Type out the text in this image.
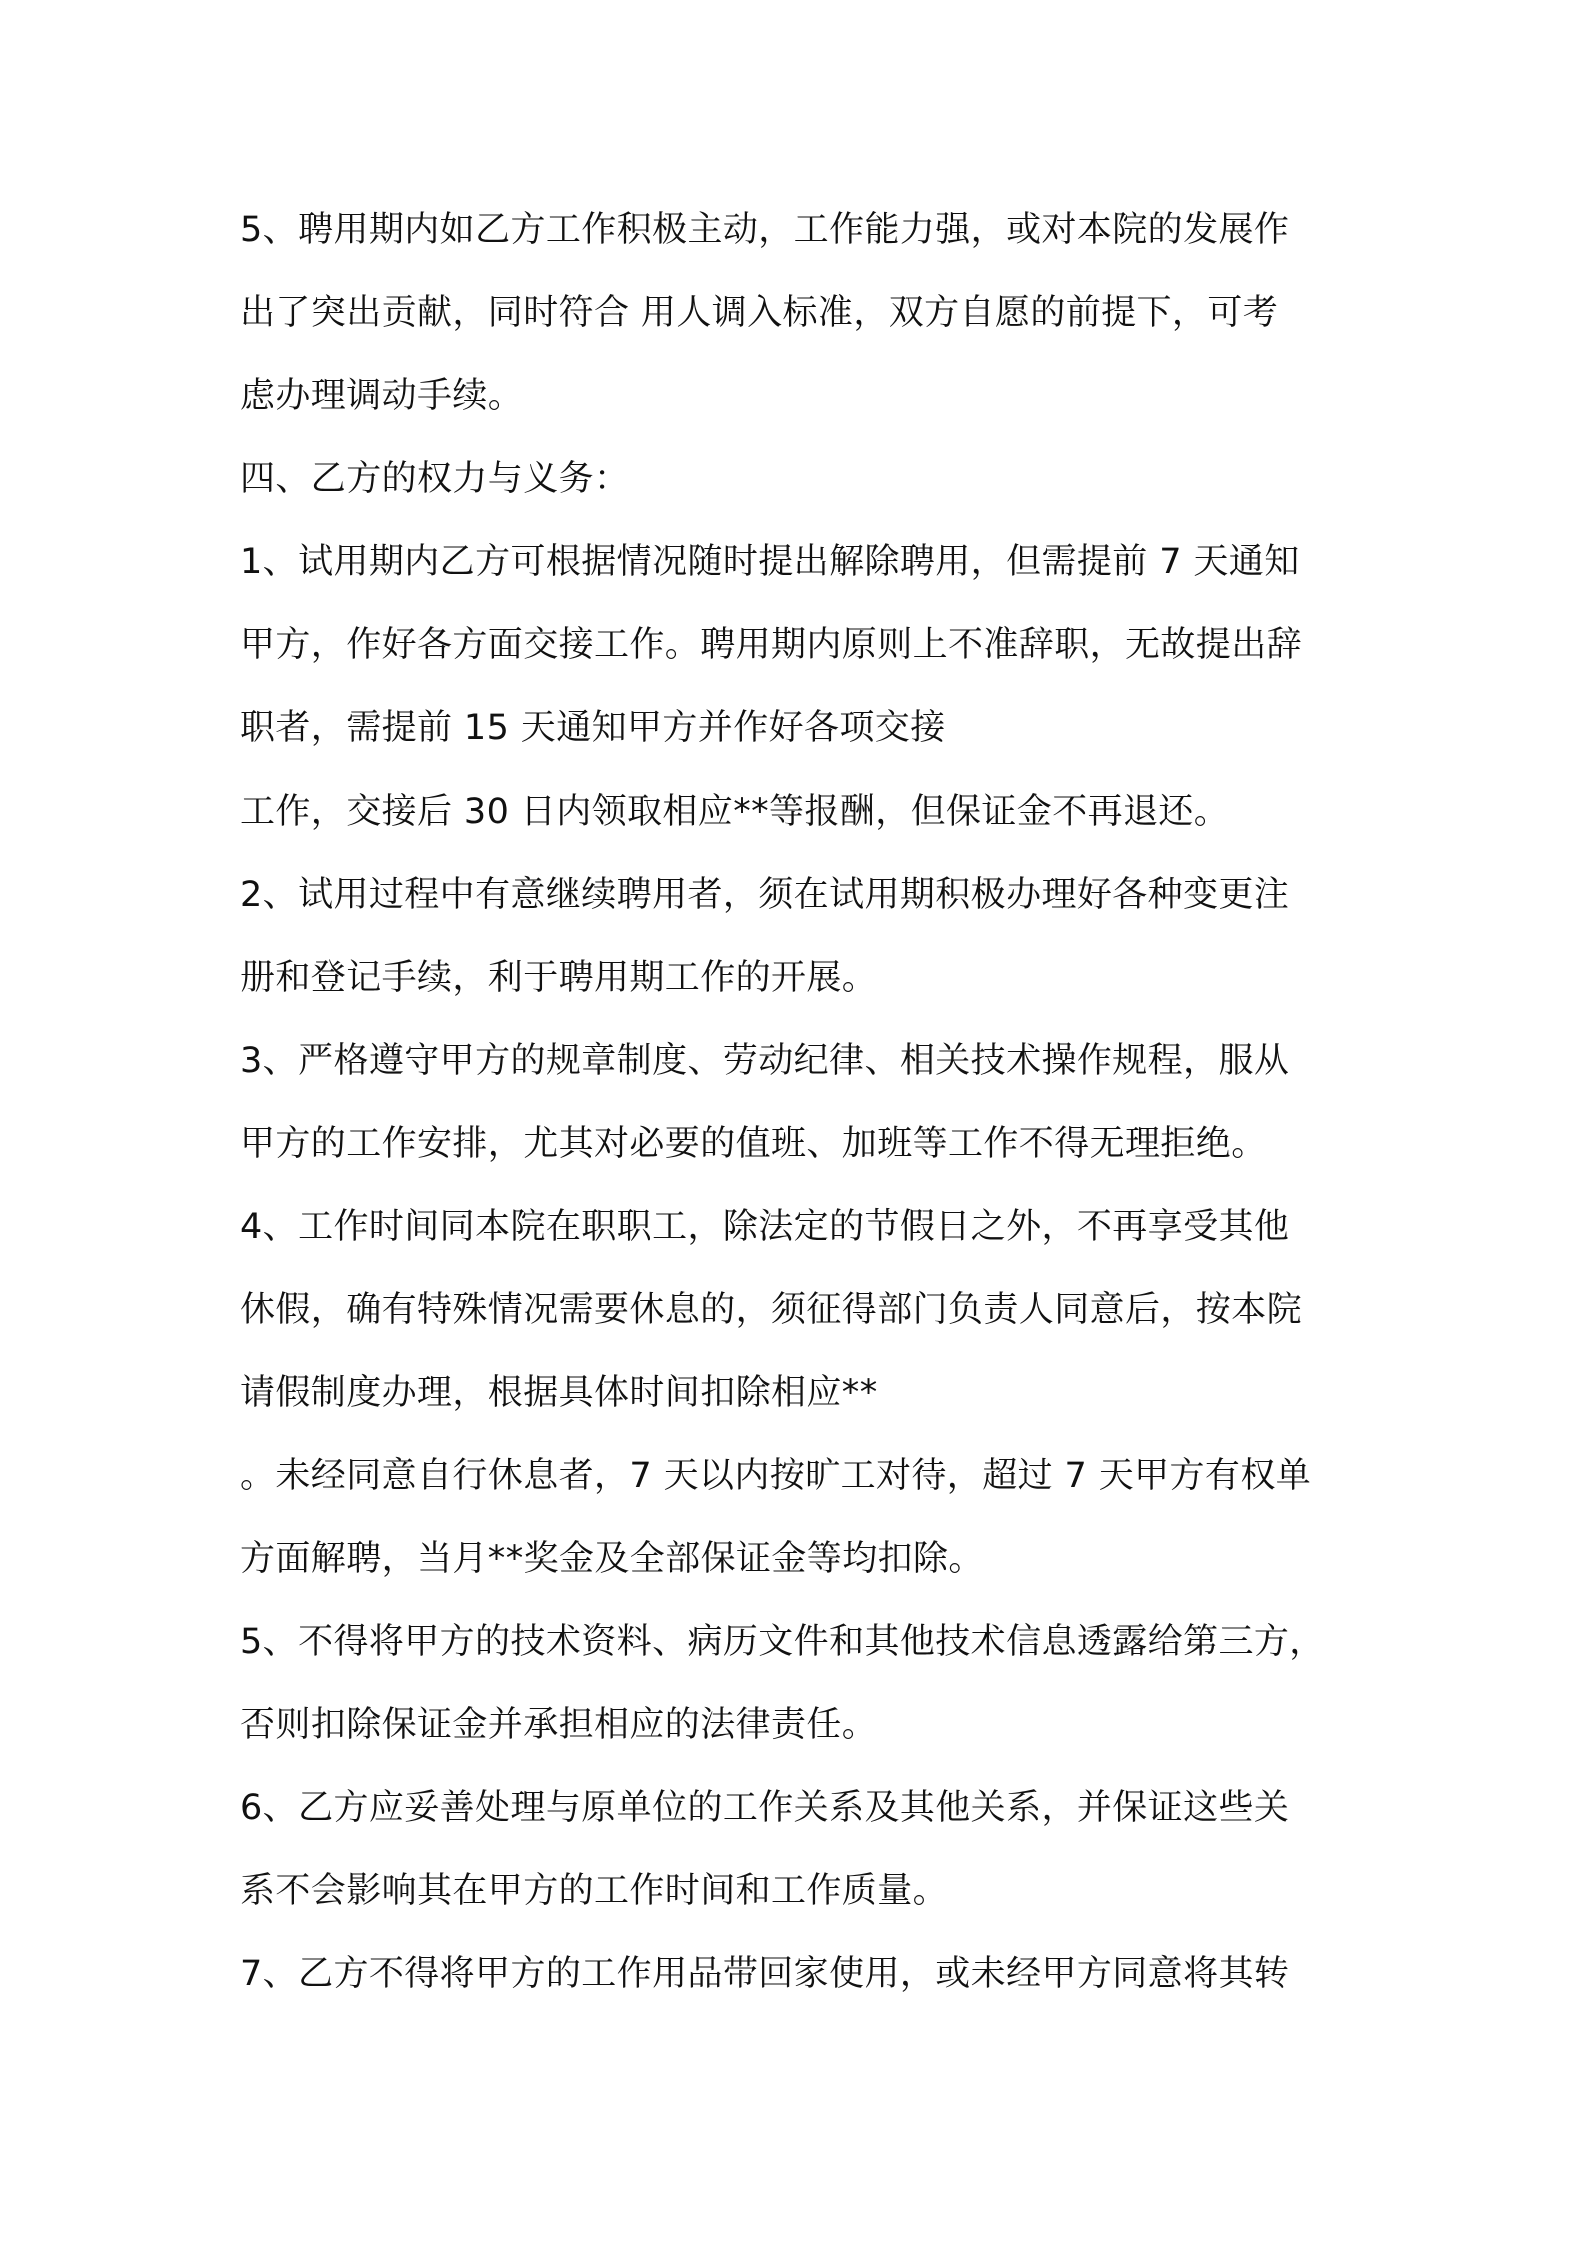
5、聘用期内如乙方工作积极主动，工作能力强，或对本院的发展作
出了突出贡献，同时符合 用人调入标准，双方自愿的前提下，可考
虑办理调动手续。
四、乙方的权力与义务：
1、试用期内乙方可根据情况随时提出解除聘用，但需提前 7 天通知
甲方，作好各方面交接工作。聘用期内原则上不准辞职，无故提出辞
职者，需提前 15 天通知甲方并作好各项交接
工作，交接后 30 日内领取相应**等报酬，但保证金不再退还。
2、试用过程中有意继续聘用者，须在试用期积极办理好各种变更注
册和登记手续，利于聘用期工作的开展。
3、严格遵守甲方的规章制度、劳动纪律、相关技术操作规程，服从
甲方的工作安排，尤其对必要的值班、加班等工作不得无理拒绝。
4、工作时间同本院在职职工，除法定的节假日之外，不再享受其他
休假，确有特殊情况需要休息的，须征得部门负责人同意后，按本院
请假制度办理，根据具体时间扣除相应**
。未经同意自行休息者，7 天以内按旷工对待，超过 7 天甲方有权单
方面解聘，当月**奖金及全部保证金等均扣除。
5、不得将甲方的技术资料、病历文件和其他技术信息透露给第三方，
否则扣除保证金并承担相应的法律责任。
6、乙方应妥善处理与原单位的工作关系及其他关系，并保证这些关
系不会影响其在甲方的工作时间和工作质量。
7、乙方不得将甲方的工作用品带回家使用，或未经甲方同意将其转
